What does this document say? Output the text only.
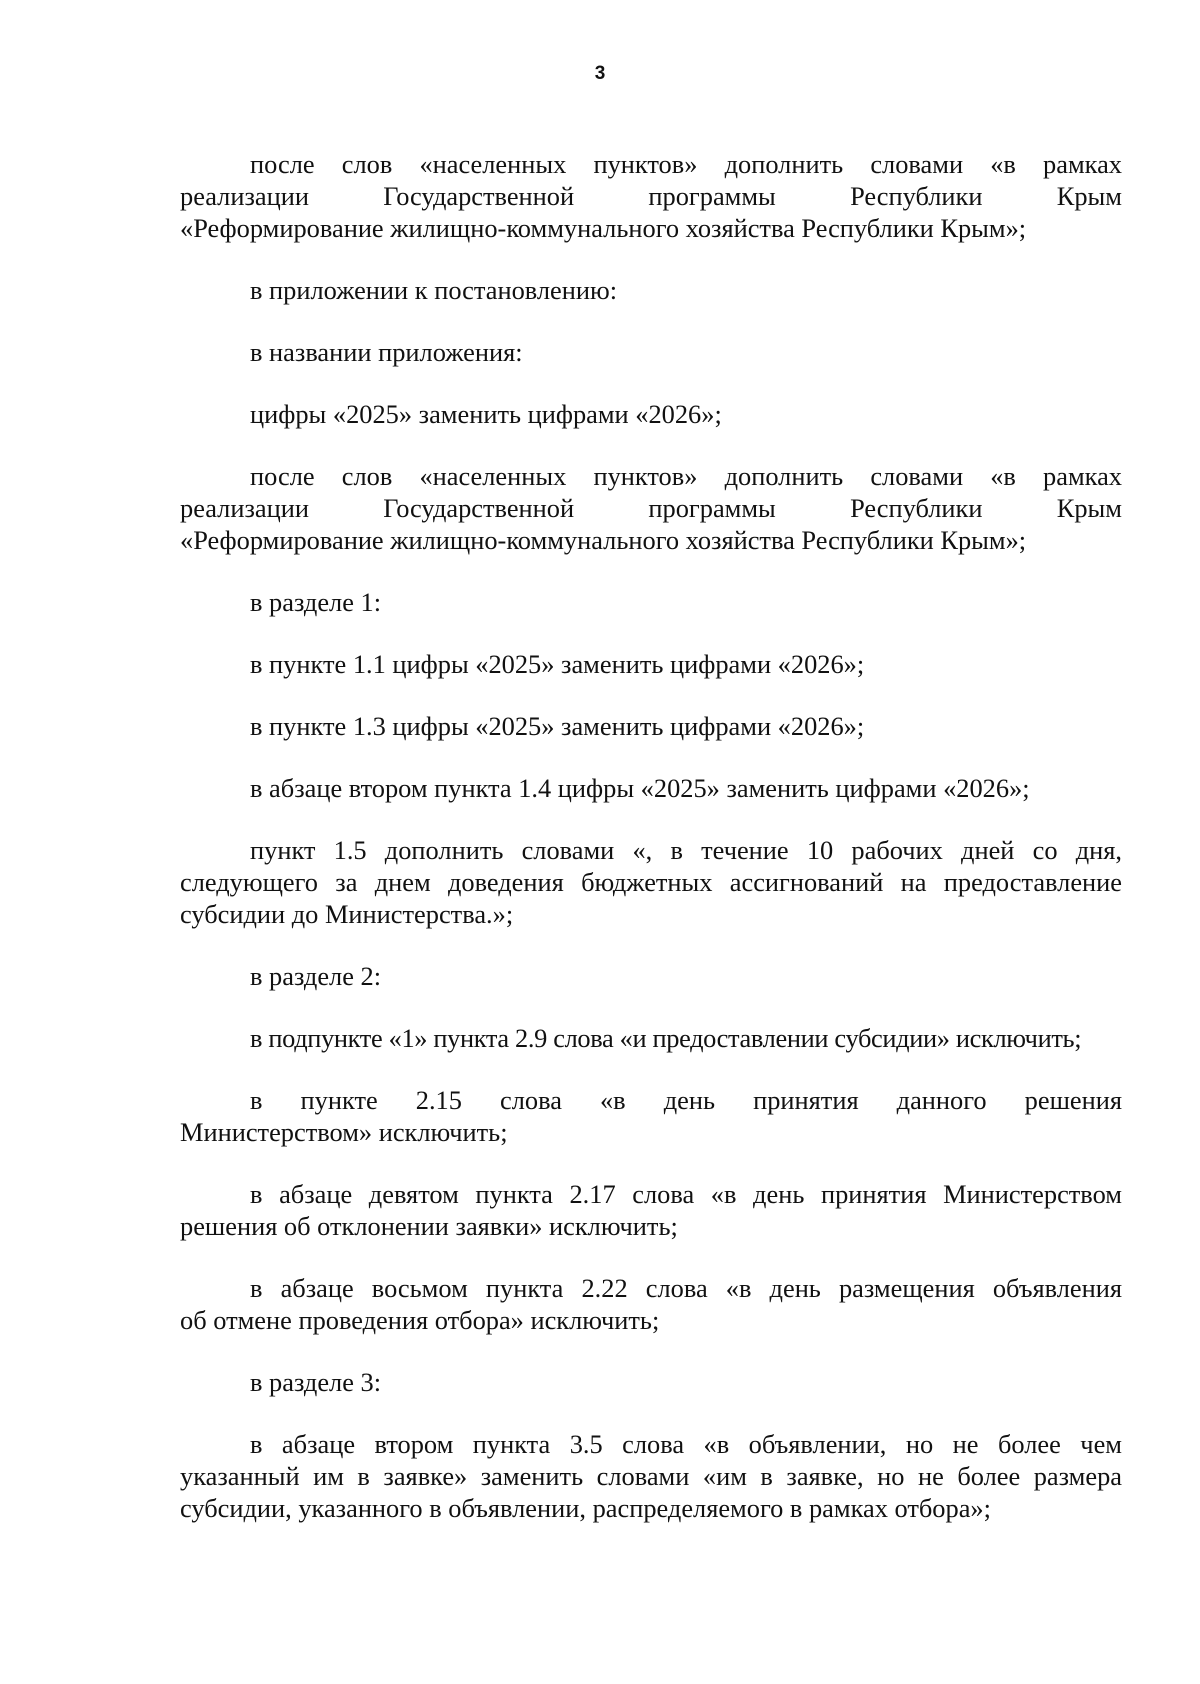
3

после слов «населенных пунктов» дополнить словами «в рамках
реализации Государственной программы Республики Крым
«Реформирование жилищно-коммунального хозяйства Республики Крым»;

в приложении к постановлению:

в названии приложения:

цифры «2025» заменить цифрами «2026»;

после слов «населенных пунктов» дополнить словами «в рамках
реализации Государственной программы Республики Крым
«Реформирование жилищно-коммунального хозяйства Республики Крым»;

в разделе 1:

в пункте 1.1 цифры «2025» заменить цифрами «2026»;

в пункте 1.3 цифры «2025» заменить цифрами «2026»;

в абзаце втором пункта 1.4 цифры «2025» заменить цифрами «2026»;

пункт 1.5 дополнить словами «, в течение 10 рабочих дней со дня,
следующего за днем доведения бюджетных ассигнований на предоставление
субсидии до Министерства.»;

в разделе 2:

в подпункте «1» пункта 2.9 слова «и предоставлении субсидии» исключить;

в пункте 2.15 слова «в день принятия данного решения
Министерством» исключить;

в абзаце девятом пункта 2.17 слова «в день принятия Министерством
решения об отклонении заявки» исключить;

в абзаце восьмом пункта 2.22 слова «в день размещения объявления
об отмене проведения отбора» исключить;

в разделе 3:

в абзаце втором пункта 3.5 слова «в объявлении, но не более чем
указанный им в заявке» заменить словами «им в заявке, но не более размера
субсидии, указанного в объявлении, распределяемого в рамках отбора»;
